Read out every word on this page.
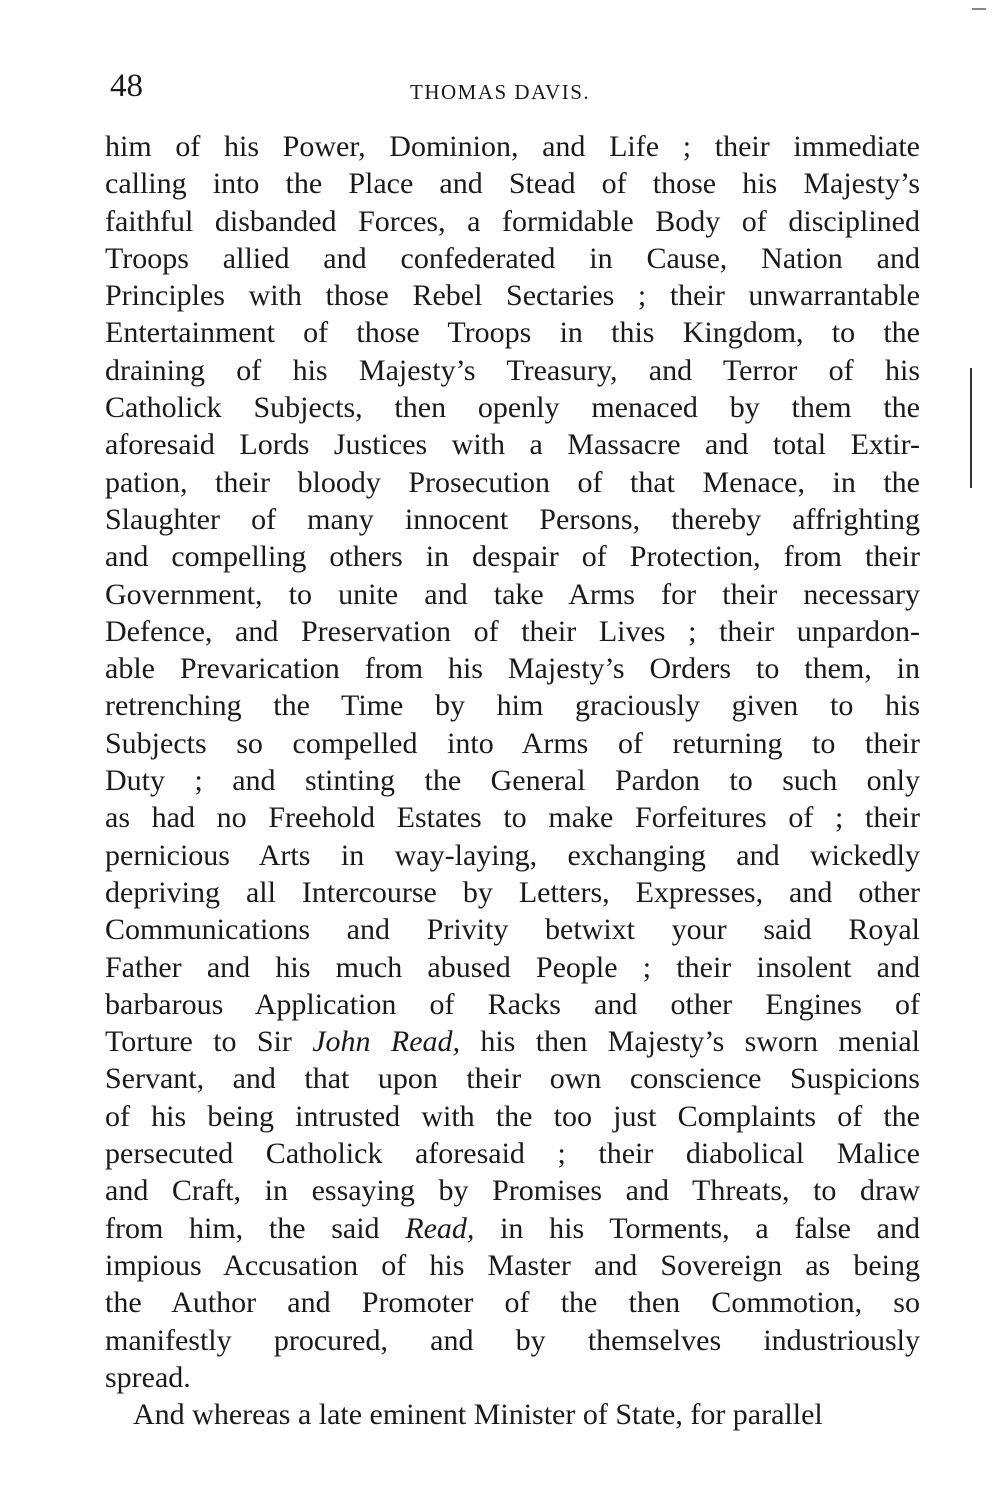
48	THOMAS DAVIS.
him of his Power, Dominion, and Life ; their immediate
calling into the Place and Stead of those his Majesty’s
faithful disbanded Forces, a formidable Body of disciplined
Troops allied and confederated in Cause, Nation and
Principles with those Rebel Sectaries ; their unwarrantable
Entertainment of those Troops in this Kingdom, to the
draining of his Majesty’s Treasury, and Terror of his
Catholick Subjects, then openly menaced by them the
aforesaid Lords Justices with a Massacre and total Extir-
pation, their bloody Prosecution of that Menace, in the
Slaughter of many innocent Persons, thereby affrighting
and compelling others in despair of Protection, from their
Government, to unite and take Arms for their necessary
Defence, and Preservation of their Lives ; their unpardon-
able Prevarication from his Majesty’s Orders to them, in
retrenching the Time by him graciously given to his
Subjects so compelled into Arms of returning to their
Duty ; and stinting the General Pardon to such only
as had no Freehold Estates to make Forfeitures of ; their
pernicious Arts in way-laying, exchanging and wickedly
depriving all Intercourse by Letters, Expresses, and other
Communications and Privity betwixt your said Royal
Father and his much abused People ; their insolent and
barbarous Application of Racks and other Engines of
Torture to Sir John Read, his then Majesty’s sworn menial
Servant, and that upon their own conscience Suspicions
of his being intrusted with the too just Complaints of the
persecuted Catholick aforesaid ; their diabolical Malice
and Craft, in essaying by Promises and Threats, to draw
from him, the said Read, in his Torments, a false and
impious Accusation of his Master and Sovereign as being
the Author and Promoter of the then Commotion, so
manifestly procured, and by themselves industriously
spread.
And whereas a late eminent Minister of State, for parallel
